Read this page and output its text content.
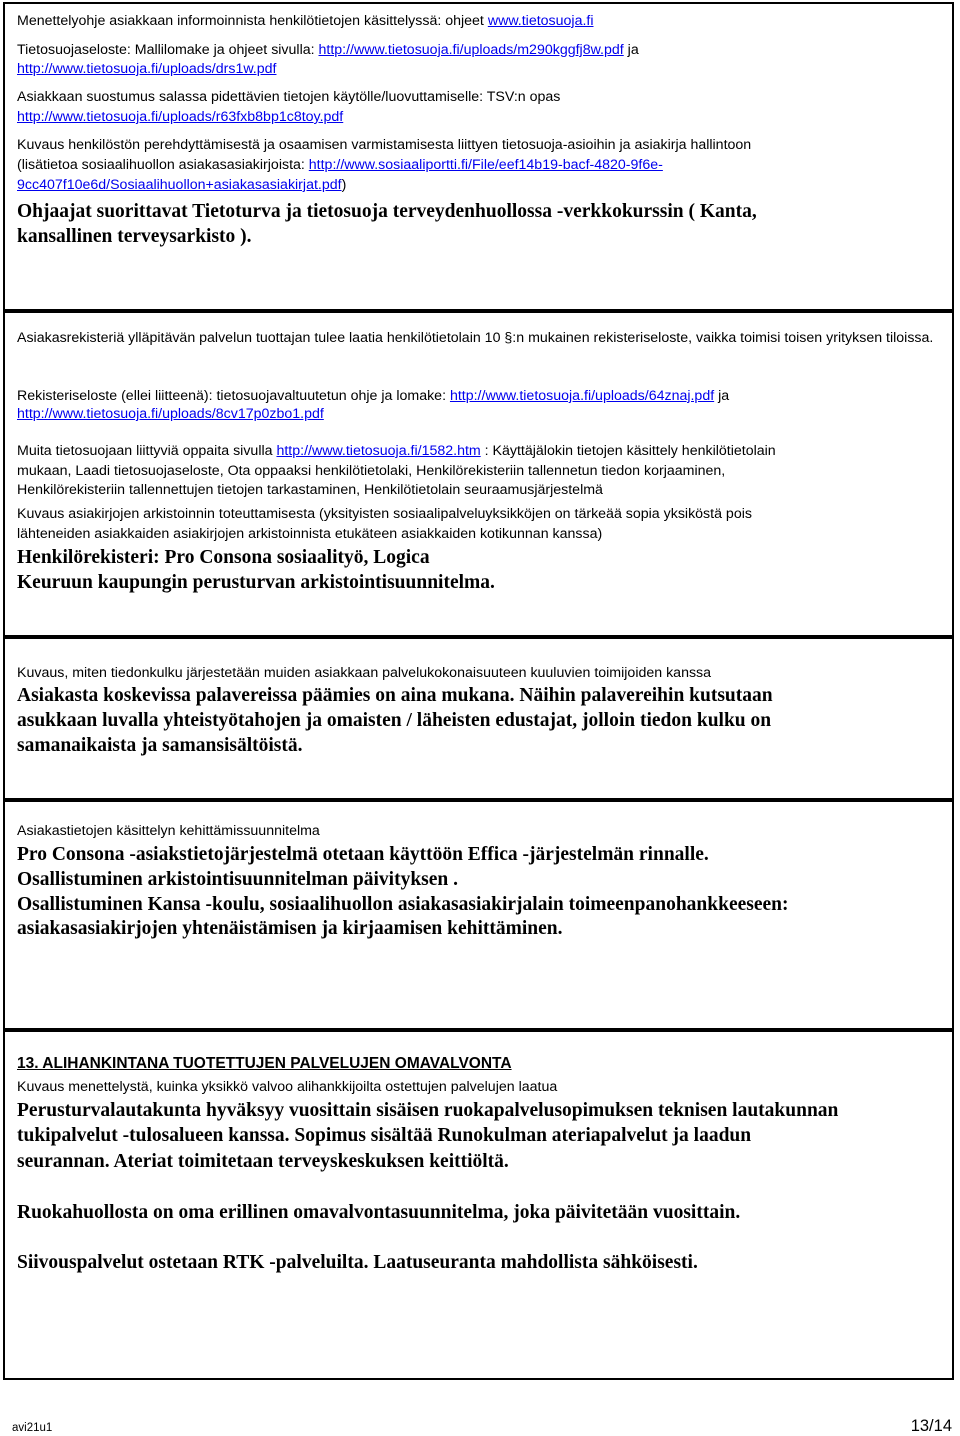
Menettelyohje asiakkaan informoinnista henkilötietojen käsittelyssä: ohjeet www.tietosuoja.fi

Tietosuojaseloste: Mallilomake ja ohjeet sivulla: http://www.tietosuoja.fi/uploads/m290kggfj8w.pdf ja

http://www.tietosuoja.fi/uploads/drs1w.pdf

Asiakkaan suostumus salassa pidettävien tietojen käytölle/luovuttamiselle: TSV:n opas

http://www.tietosuoja.fi/uploads/r63fxb8bp1c8toy.pdf

Kuvaus henkilöstön perehdyttämisestä ja osaamisen varmistamisesta liittyen tietosuoja-asioihin ja asiakirja hallintoon

(lisätietoa sosiaalihuollon asiakasasiakirjoista: http://www.sosiaaliportti.fi/File/eef14b19-bacf-4820-9f6e-

9cc407f10e6d/Sosiaalihuollon+asiakasasiakirjat.pdf)

Ohjaajat suorittavat Tietoturva ja tietosuoja terveydenhuollossa -verkkokurssin ( Kanta,

kansallinen terveysarkisto ).

Asiakasrekisteriä ylläpitävän palvelun tuottajan tulee laatia henkilötietolain 10 §:n mukainen rekisteriseloste, vaikka toimisi toisen yrityksen tiloissa.

Rekisteriseloste (ellei liitteenä): tietosuojavaltuutetun ohje ja lomake: http://www.tietosuoja.fi/uploads/64znaj.pdf ja

http://www.tietosuoja.fi/uploads/8cv17p0zbo1.pdf

Muita tietosuojaan liittyviä oppaita sivulla http://www.tietosuoja.fi/1582.htm : Käyttäjälokin tietojen käsittely henkilötietolain

mukaan, Laadi tietosuojaseloste, Ota oppaaksi henkilötietolaki, Henkilörekisteriin tallennetun tiedon korjaaminen,

Henkilörekisteriin tallennettujen tietojen tarkastaminen, Henkilötietolain seuraamusjärjestelmä

Kuvaus asiakirjojen arkistoinnin toteuttamisesta (yksityisten sosiaalipalveluyksikköjen on tärkeää sopia yksiköstä pois

lähteneiden asiakkaiden asiakirjojen arkistoinnista etukäteen asiakkaiden kotikunnan kanssa)

Henkilörekisteri: Pro Consona sosiaalityö, Logica

Keuruun kaupungin perusturvan arkistointisuunnitelma.

Kuvaus, miten tiedonkulku järjestetään muiden asiakkaan palvelukokonaisuuteen kuuluvien toimijoiden kanssa

Asiakasta koskevissa palavereissa päämies on aina mukana. Näihin palavereihin kutsutaan

asukkaan luvalla yhteistyötahojen ja omaisten / läheisten edustajat, jolloin tiedon kulku on

samanaikaista ja samansisältöistä.

Asiakastietojen käsittelyn kehittämissuunnitelma

Pro Consona -asiakstietojärjestelmä otetaan käyttöön Effica -järjestelmän rinnalle.

Osallistuminen arkistointisuunnitelman päivityksen .

Osallistuminen Kansa -koulu, sosiaalihuollon asiakasasiakirjalain toimeenpanohankkeeseen:

asiakasasiakirjojen yhtenäistämisen ja kirjaamisen kehittäminen.

13. ALIHANKINTANA TUOTETTUJEN PALVELUJEN OMAVALVONTA

Kuvaus menettelystä, kuinka yksikkö valvoo alihankkijoilta ostettujen palvelujen laatua

Perusturvalautakunta hyväksyy vuosittain sisäisen ruokapalvelusopimuksen teknisen lautakunnan

tukipalvelut -tulosalueen kanssa. Sopimus sisältää Runokulman ateriapalvelut ja laadun

seurannan. Ateriat toimitetaan terveyskeskuksen keittiöltä.

Ruokahuollosta on oma erillinen omavalvontasuunnitelma, joka päivitetään vuosittain.

Siivouspalvelut ostetaan RTK -palveluilta. Laatuseuranta mahdollista sähköisesti.

avi21u1	13/14
